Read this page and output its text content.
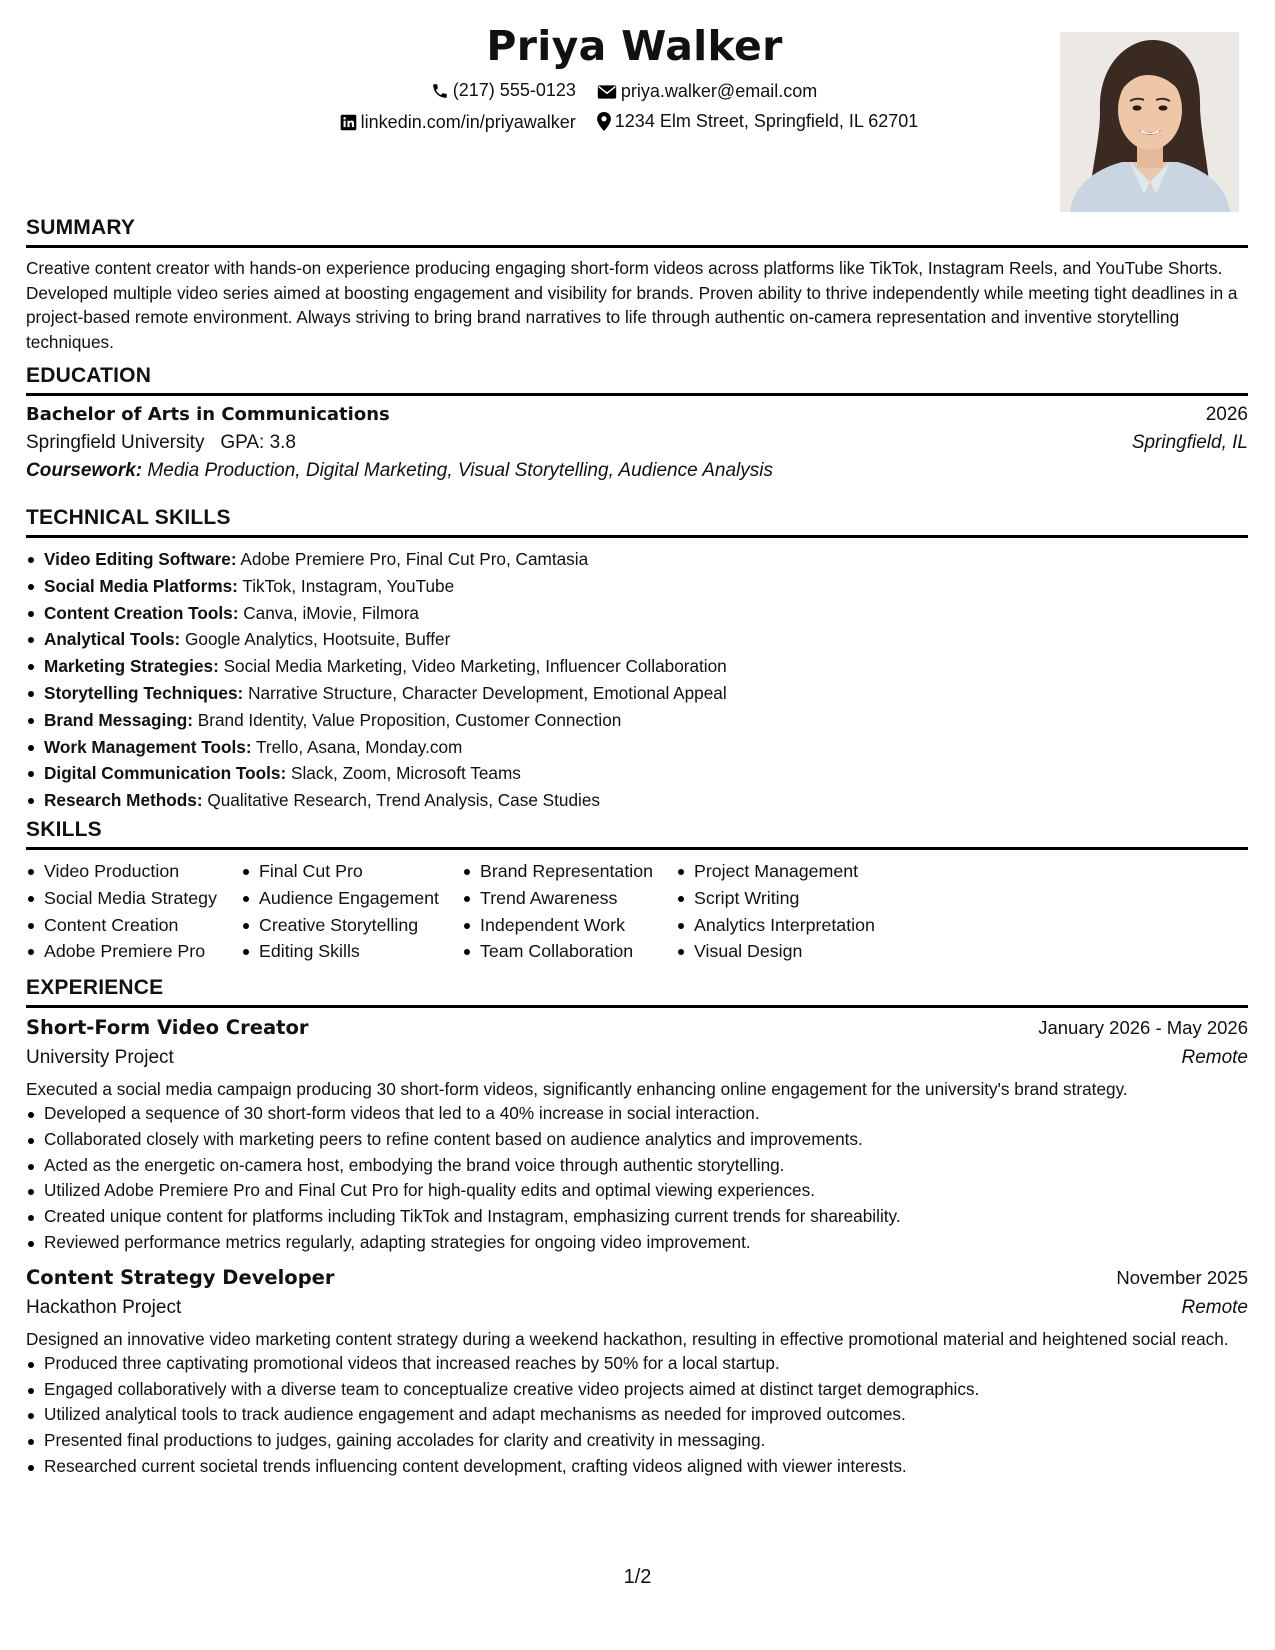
Priya Walker
(217) 555-0123
	priya.walker@email.com
linkedin.com/in/priyawalker
1234 Elm Street, Springfield, IL 62701
SUMMARY
Creative content creator with hands-on experience producing engaging short-form videos across platforms like TikTok, Instagram Reels, and YouTube Shorts. Developed multiple video series aimed at boosting engagement and visibility for brands. Proven ability to thrive independently while meeting tight deadlines in a project-based remote environment. Always striving to bring brand narratives to life through authentic on-camera representation and inventive storytelling techniques.
EDUCATION
Bachelor of Arts in Communications	2026
Springfield University GPA: 3.8	Springfield, IL
Coursework: Media Production, Digital Marketing, Visual Storytelling, Audience Analysis
TECHNICAL SKILLS
Video Editing Software: Adobe Premiere Pro, Final Cut Pro, Camtasia
Social Media Platforms: TikTok, Instagram, YouTube
Content Creation Tools: Canva, iMovie, Filmora
Analytical Tools: Google Analytics, Hootsuite, Buffer
Marketing Strategies: Social Media Marketing, Video Marketing, Influencer Collaboration
Storytelling Techniques: Narrative Structure, Character Development, Emotional Appeal
Brand Messaging: Brand Identity, Value Proposition, Customer Connection
Work Management Tools: Trello, Asana, Monday.com
Digital Communication Tools: Slack, Zoom, Microsoft Teams
Research Methods: Qualitative Research, Trend Analysis, Case Studies
SKILLS
Video Production
Social Media Strategy
Content Creation
Adobe Premiere Pro
Final Cut Pro
Audience Engagement
Creative Storytelling
Editing Skills
Brand Representation
Trend Awareness
Independent Work
Team Collaboration
Project Management
Script Writing
Analytics Interpretation
Visual Design
EXPERIENCE
Short-Form Video Creator	January 2026 - May 2026
University Project	Remote
Executed a social media campaign producing 30 short-form videos, significantly enhancing online engagement for the university's brand strategy.
Developed a sequence of 30 short-form videos that led to a 40% increase in social interaction.
Collaborated closely with marketing peers to refine content based on audience analytics and improvements.
Acted as the energetic on-camera host, embodying the brand voice through authentic storytelling.
Utilized Adobe Premiere Pro and Final Cut Pro for high-quality edits and optimal viewing experiences.
Created unique content for platforms including TikTok and Instagram, emphasizing current trends for shareability.
Reviewed performance metrics regularly, adapting strategies for ongoing video improvement.
Content Strategy Developer	November 2025
Hackathon Project	Remote
Designed an innovative video marketing content strategy during a weekend hackathon, resulting in effective promotional material and heightened social reach.
Produced three captivating promotional videos that increased reaches by 50% for a local startup.
Engaged collaboratively with a diverse team to conceptualize creative video projects aimed at distinct target demographics.
Utilized analytical tools to track audience engagement and adapt mechanisms as needed for improved outcomes.
Presented final productions to judges, gaining accolades for clarity and creativity in messaging.
Researched current societal trends influencing content development, crafting videos aligned with viewer interests.
1/2
